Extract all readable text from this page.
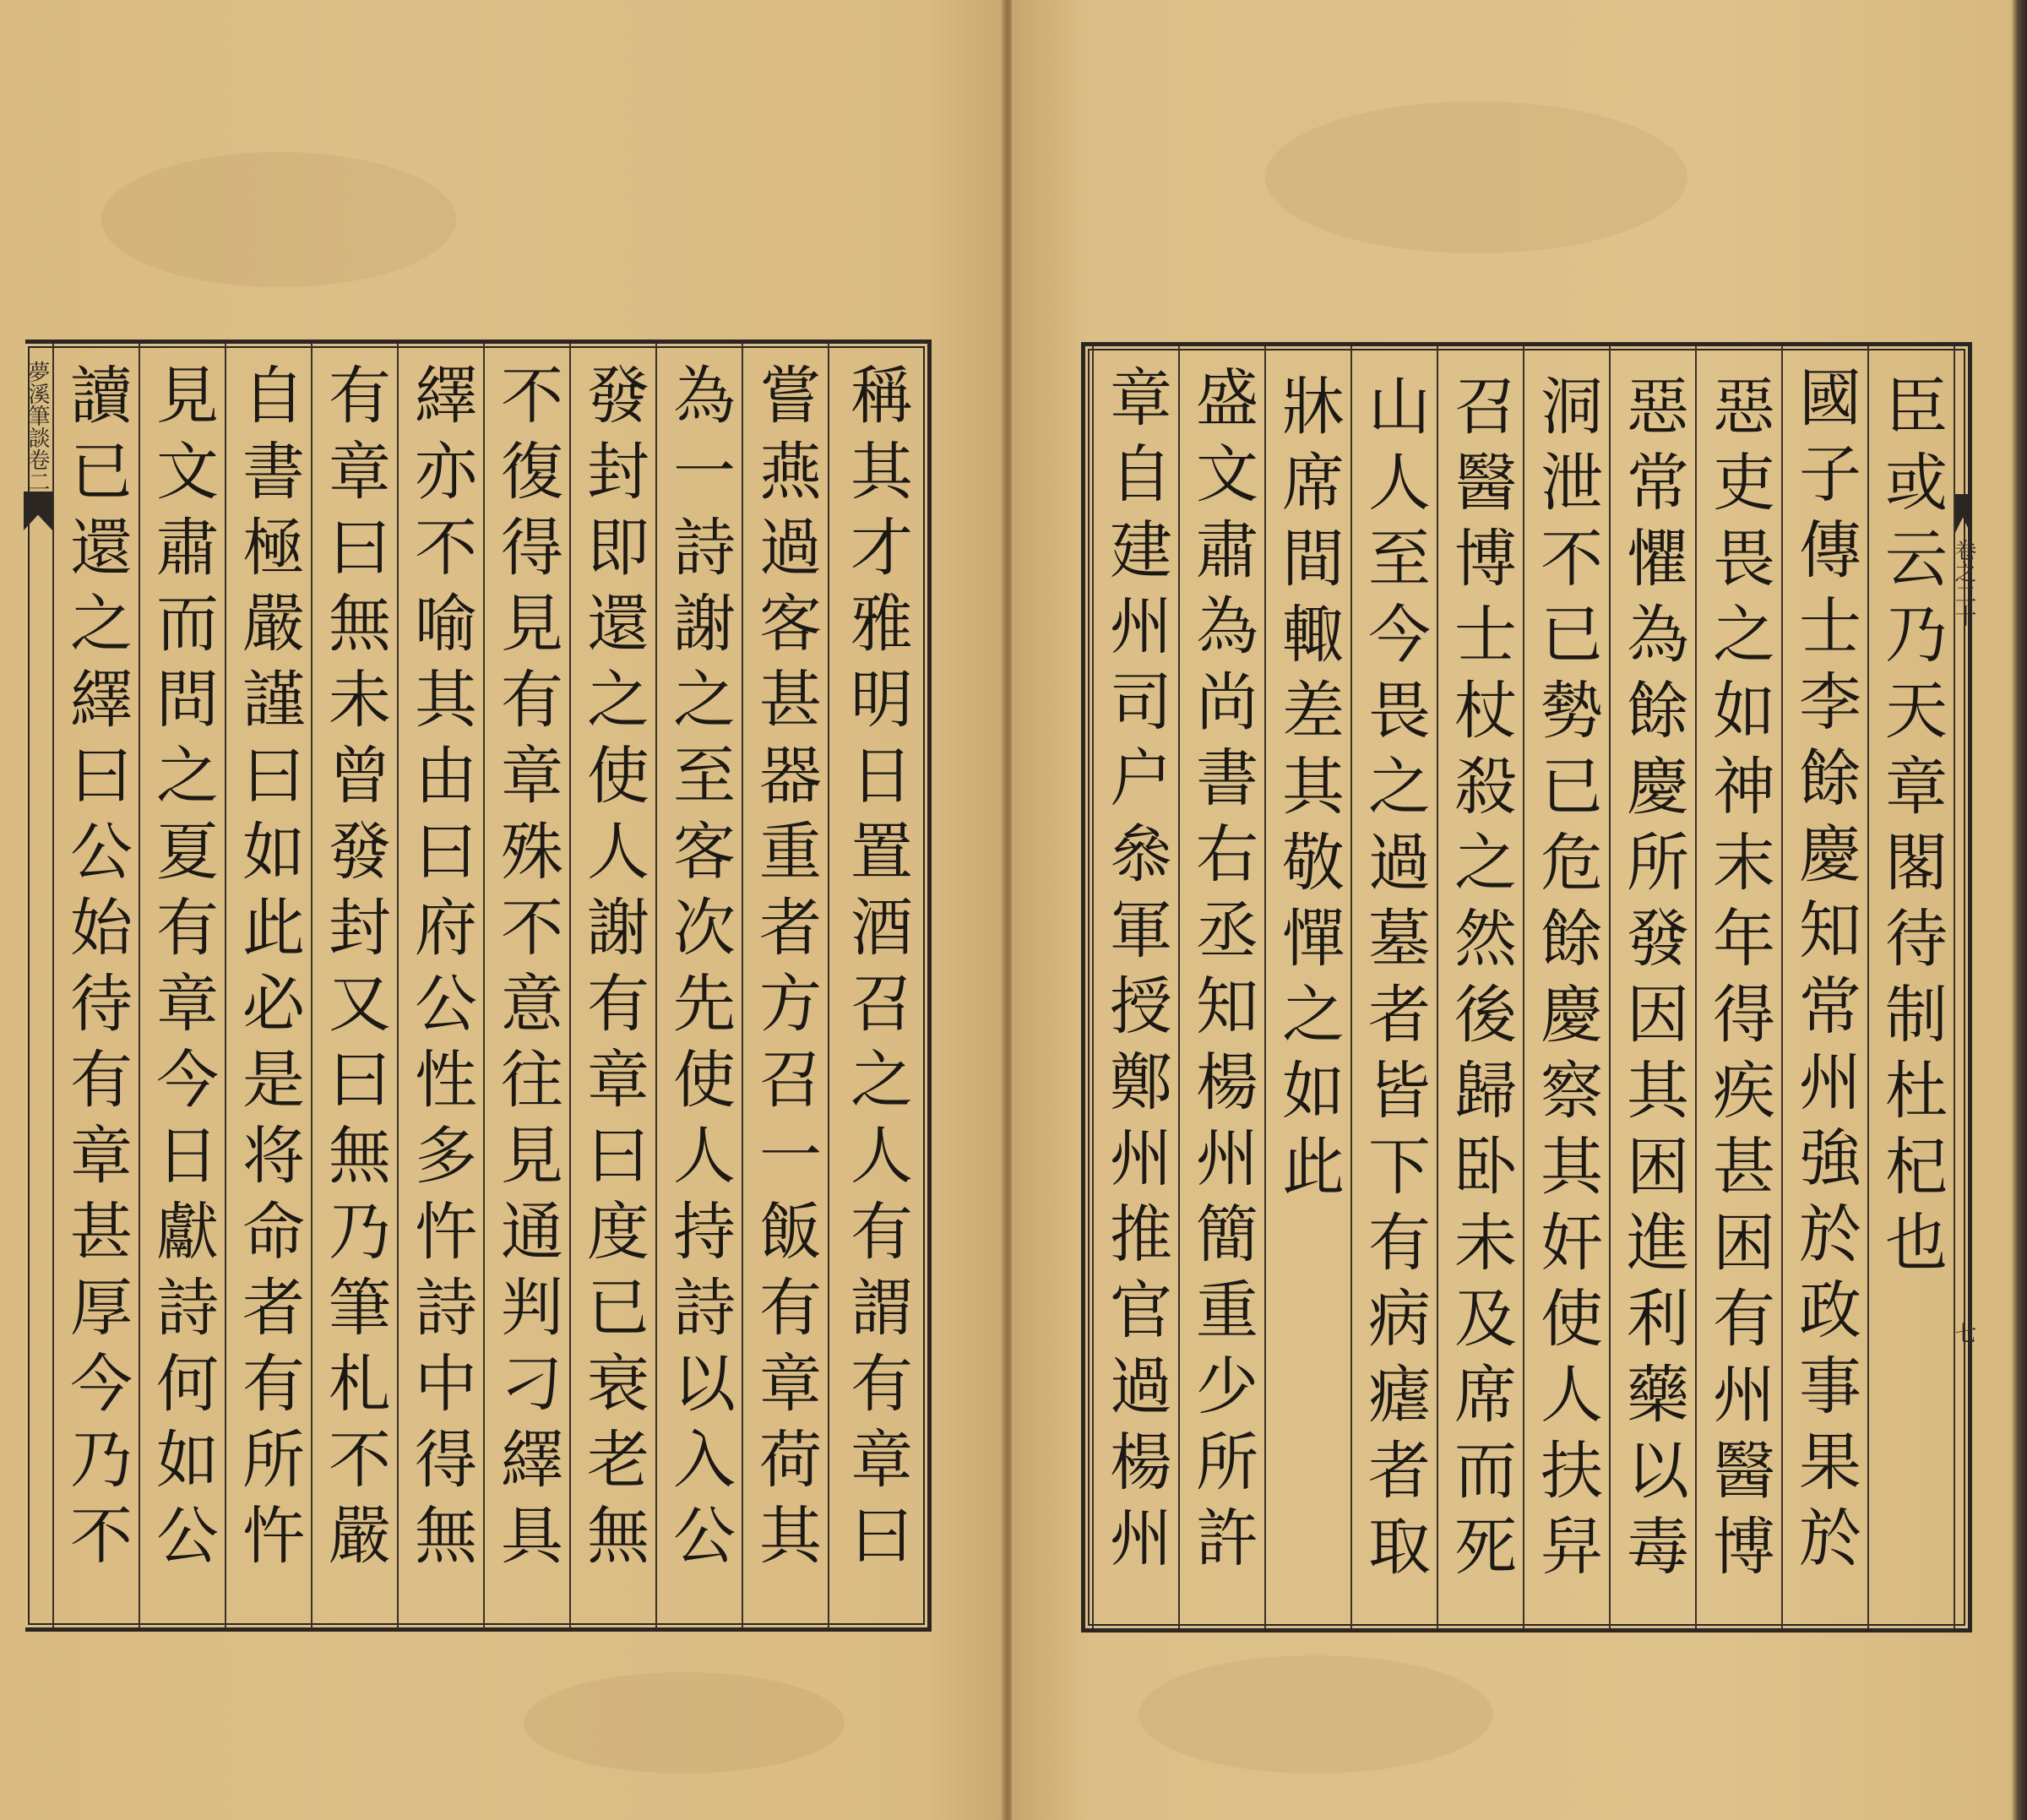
夢溪筆談卷二十 讀已還之繹曰公始待有章甚厚今乃不
見文肅而問之夏有章今日獻詩何如公
自書極嚴謹曰如此必是将命者有所忤
有章曰無未曾發封又曰無乃筆札不嚴
繹亦不喻其由曰府公性多忤詩中得無
不復得見有章殊不意往見通判刁繹具
發封即還之使人謝有章曰度已衰老無
為一詩謝之至客次先使人持詩以入公
嘗燕過客甚器重者方召一飯有章荷其
稱其才雅明日置酒召之人有謂有章曰
章自建州司户叅軍授鄭州推官過楊州
盛文肅為尚書右丞知楊州簡重少所許
牀席間輙差其敬憚之如此 山人至今畏之過墓者皆下有病瘧者取
召醫博士杖殺之然後歸卧未及席而死
洞泄不已勢已危餘慶察其奸使人扶舁
惡常懼為餘慶所發因其困進利藥以毒
惡吏畏之如神末年得疾甚困有州醫博
國子傳士李餘慶知常州強於政事果於
臣或云乃天章閣待制杜杞也 卷之二十
七
